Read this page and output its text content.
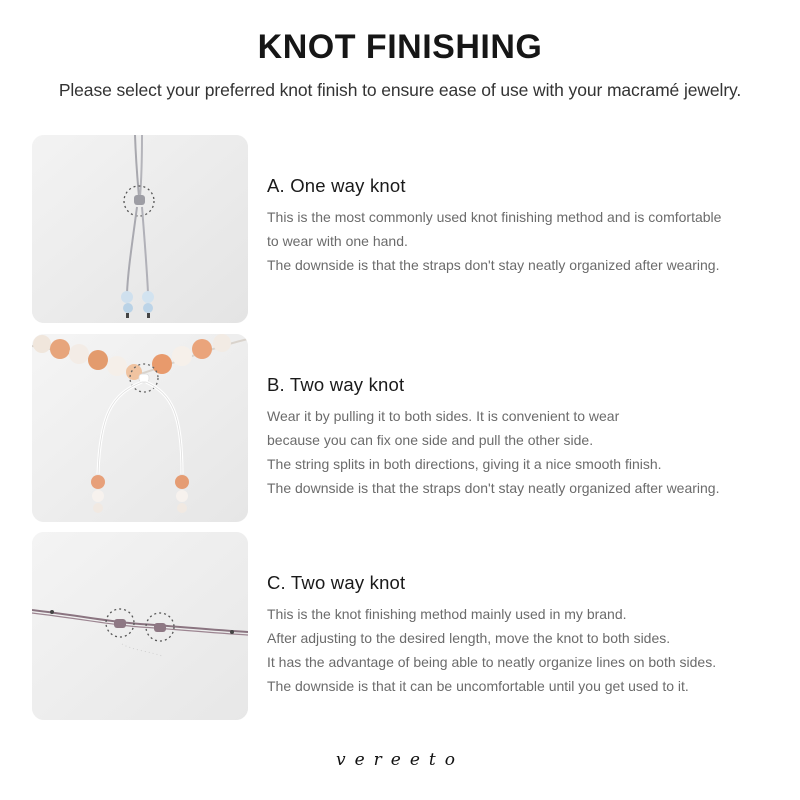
KNOT FINISHING
Please select your preferred knot finish to ensure ease of use with your macramé jewelry.
A. One way knot
This is the most commonly used knot finishing method and is comfortable
to wear with one hand.
The downside is that the straps don't stay neatly organized after wearing.
B. Two way knot
Wear it by pulling it to both sides. It is convenient to wear
because you can fix one side and pull the other side.
The string splits in both directions, giving it a nice smooth finish.
The downside is that the straps don't stay neatly organized after wearing.
C. Two way knot
This is the knot finishing method mainly used in my brand.
After adjusting to the desired length, move the knot to both sides.
It has the advantage of being able to neatly organize lines on both sides.
The downside is that it can be uncomfortable until you get used to it.
vereeto
